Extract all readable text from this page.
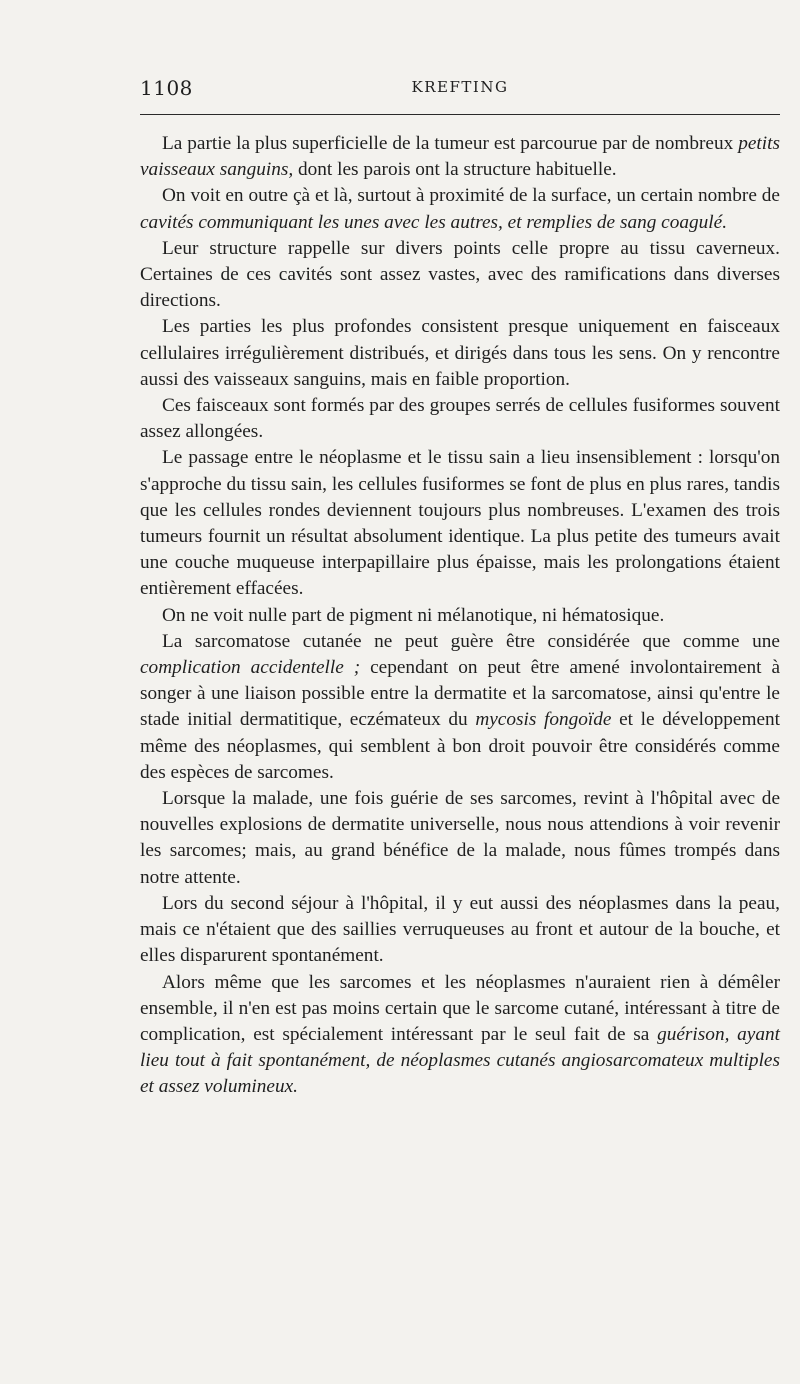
1108	KREFTING

La partie la plus superficielle de la tumeur est parcourue par de nombreux petits vaisseaux sanguins, dont les parois ont la structure habituelle.

On voit en outre çà et là, surtout à proximité de la surface, un certain nombre de cavités communiquant les unes avec les autres, et remplies de sang coagulé.

Leur structure rappelle sur divers points celle propre au tissu caverneux. Certaines de ces cavités sont assez vastes, avec des ramifications dans diverses directions.

Les parties les plus profondes consistent presque uniquement en faisceaux cellulaires irrégulièrement distribués, et dirigés dans tous les sens. On y rencontre aussi des vaisseaux sanguins, mais en faible proportion.

Ces faisceaux sont formés par des groupes serrés de cellules fusiformes souvent assez allongées.

Le passage entre le néoplasme et le tissu sain a lieu insensiblement : lorsqu'on s'approche du tissu sain, les cellules fusiformes se font de plus en plus rares, tandis que les cellules rondes deviennent toujours plus nombreuses. L'examen des trois tumeurs fournit un résultat absolument identique. La plus petite des tumeurs avait une couche muqueuse interpapillaire plus épaisse, mais les prolongations étaient entièrement effacées.

On ne voit nulle part de pigment ni mélanotique, ni hématosique.

La sarcomatose cutanée ne peut guère être considérée que comme une complication accidentelle ; cependant on peut être amené involontairement à songer à une liaison possible entre la dermatite et la sarcomatose, ainsi qu'entre le stade initial dermatitique, eczémateux du mycosis fongoïde et le développement même des néoplasmes, qui semblent à bon droit pouvoir être considérés comme des espèces de sarcomes.

Lorsque la malade, une fois guérie de ses sarcomes, revint à l'hôpital avec de nouvelles explosions de dermatite universelle, nous nous attendions à voir revenir les sarcomes; mais, au grand bénéfice de la malade, nous fûmes trompés dans notre attente.

Lors du second séjour à l'hôpital, il y eut aussi des néoplasmes dans la peau, mais ce n'étaient que des saillies verruqueuses au front et autour de la bouche, et elles disparurent spontanément.

Alors même que les sarcomes et les néoplasmes n'auraient rien à démêler ensemble, il n'en est pas moins certain que le sarcome cutané, intéressant à titre de complication, est spécialement intéressant par le seul fait de sa guérison, ayant lieu tout à fait spontanément, de néoplasmes cutanés angiosarcomateux multiples et assez volumineux.
